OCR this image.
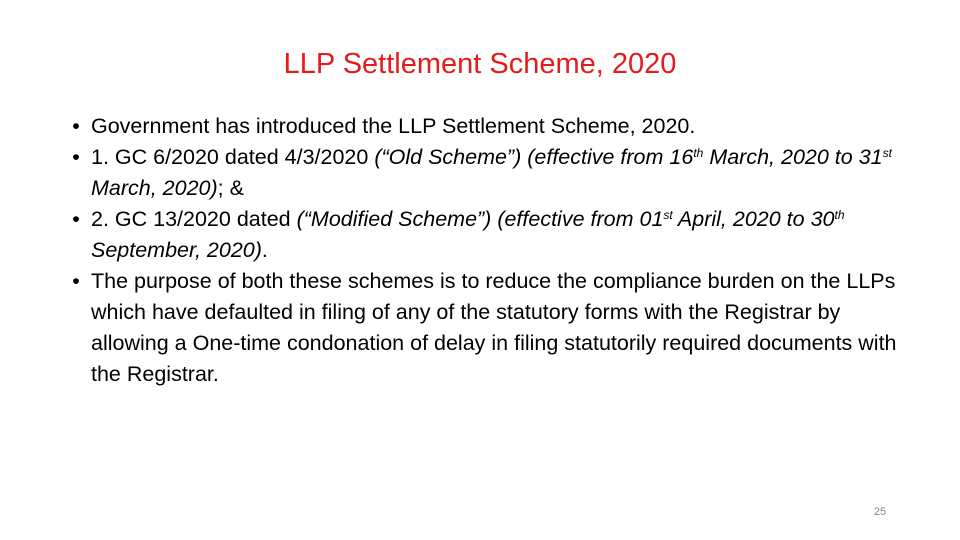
LLP Settlement Scheme, 2020
• Government has introduced the LLP Settlement Scheme, 2020.
• 1. GC 6/2020 dated 4/3/2020 (“Old Scheme”) (effective from 16th March, 2020 to 31st March, 2020); &
• 2. GC 13/2020 dated (“Modified Scheme”) (effective from 01st April, 2020 to 30th September, 2020).
• The purpose of both these schemes is to reduce the compliance burden on the LLPs which have defaulted in filing of any of the statutory forms with the Registrar by allowing a One-time condonation of delay in filing statutorily required documents with the Registrar.
25
